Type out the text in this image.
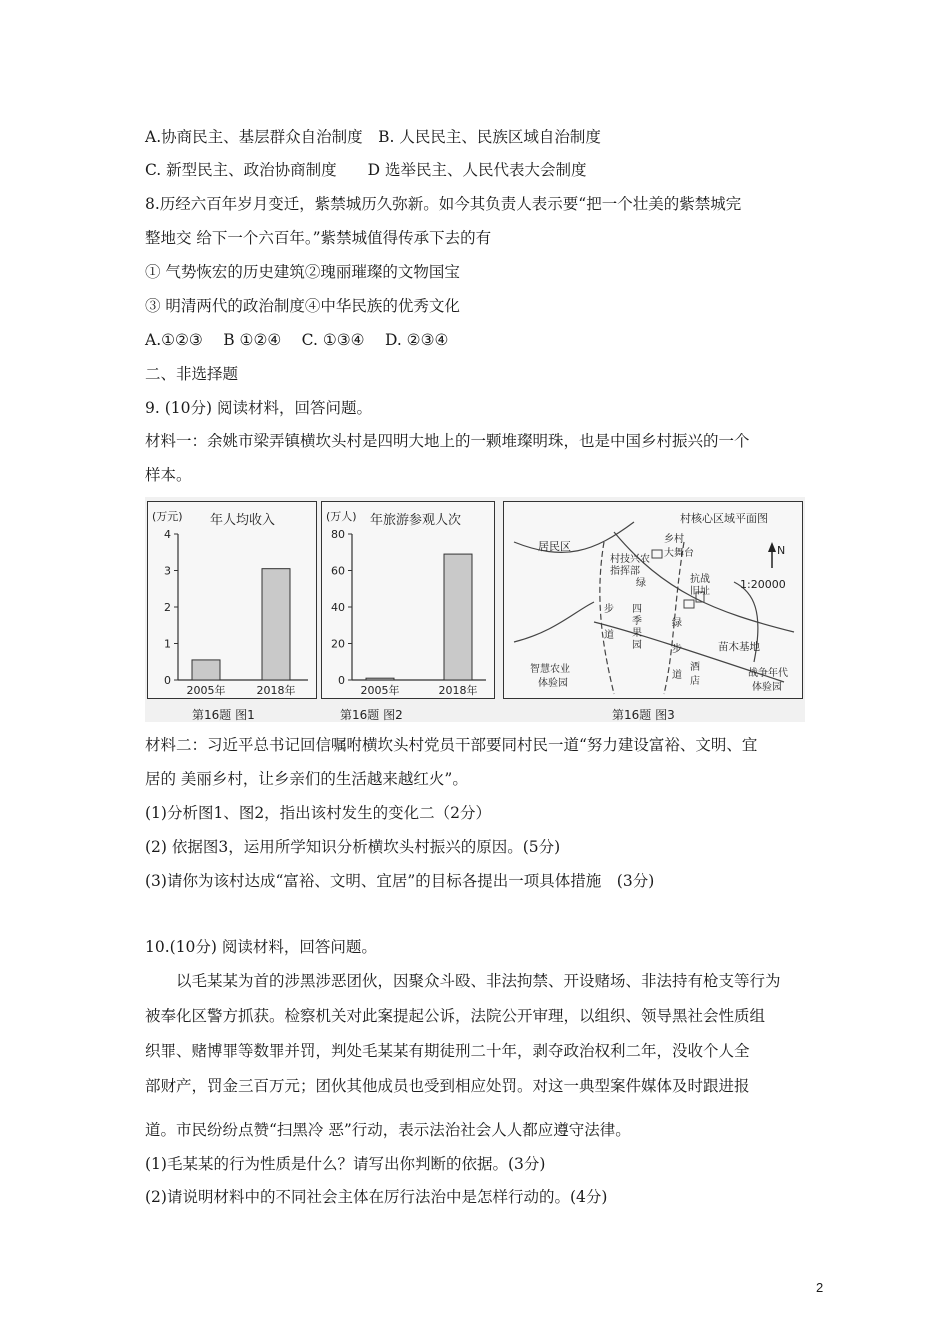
A.协商民主、基层群众自治制度　B. 人民民主、民族区域自治制度
C. 新型民主、政治协商制度　　D 选举民主、人民代表大会制度
8.历经六百年岁月变迁，紫禁城历久弥新。如今其负责人表示要“把一个壮美的紫禁城完
整地交 给下一个六百年。”紫禁城值得传承下去的有
① 气势恢宏的历史建筑②瑰丽璀璨的文物国宝
③ 明清两代的政治制度④中华民族的优秀文化
A.①②③　 B ①②④　 C. ①③④　 D. ②③④
二、非选择题
9. (10分) 阅读材料，回答问题。
材料一：余姚市梁弄镇横坎头村是四明大地上的一颗堆璨明珠，也是中国乡村振兴的一个
样本。
(万元) 年人均收入
0
1
2
3
4
2005年	2018年
第16题 图1
(万人) 年旅游参观人次
0
20
40
60
80
2005年	2018年
第16题 图2
村核心区域平面图
N
1:20000
居民区
乡村
大舞台
村技兴农
指挥部
绿	抗战
旧址
步
道
四
季
果
园
绿
步
道
苗木基地
酒
店
智慧农业
体验园
战争年代
体验园
第16题 图3
材料二：习近平总书记回信嘱咐横坎头村党员干部要同村民一道“努力建设富裕、文明、宜
居的 美丽乡村，让乡亲们的生活越来越红火”。
(1)分析图1、图2，指出该村发生的变化二（2分）
(2) 依据图3，运用所学知识分析横坎头村振兴的原因。(5分)
(3)请你为该村达成“富裕、文明、宜居”的目标各提出一项具体措施　(3分)
10.(10分) 阅读材料，回答问题。
　　以毛某某为首的涉黑涉恶团伙，因聚众斗殴、非法拘禁、开设赌场、非法持有枪支等行为
被奉化区警方抓获。检察机关对此案提起公诉，法院公开审理，以组织、领导黑社会性质组
织罪、赌博罪等数罪并罚，判处毛某某有期徒刑二十年，剥夺政治权利二年，没收个人全
部财产，罚金三百万元；团伙其他成员也受到相应处罚。对这一典型案件媒体及时跟进报
道。市民纷纷点赞“扫黑冷 恶”行动，表示法治社会人人都应遵守法律。
(1)毛某某的行为性质是什么？请写出你判断的依据。(3分)
(2)请说明材料中的不同社会主体在厉行法治中是怎样行动的。(4分)
2
